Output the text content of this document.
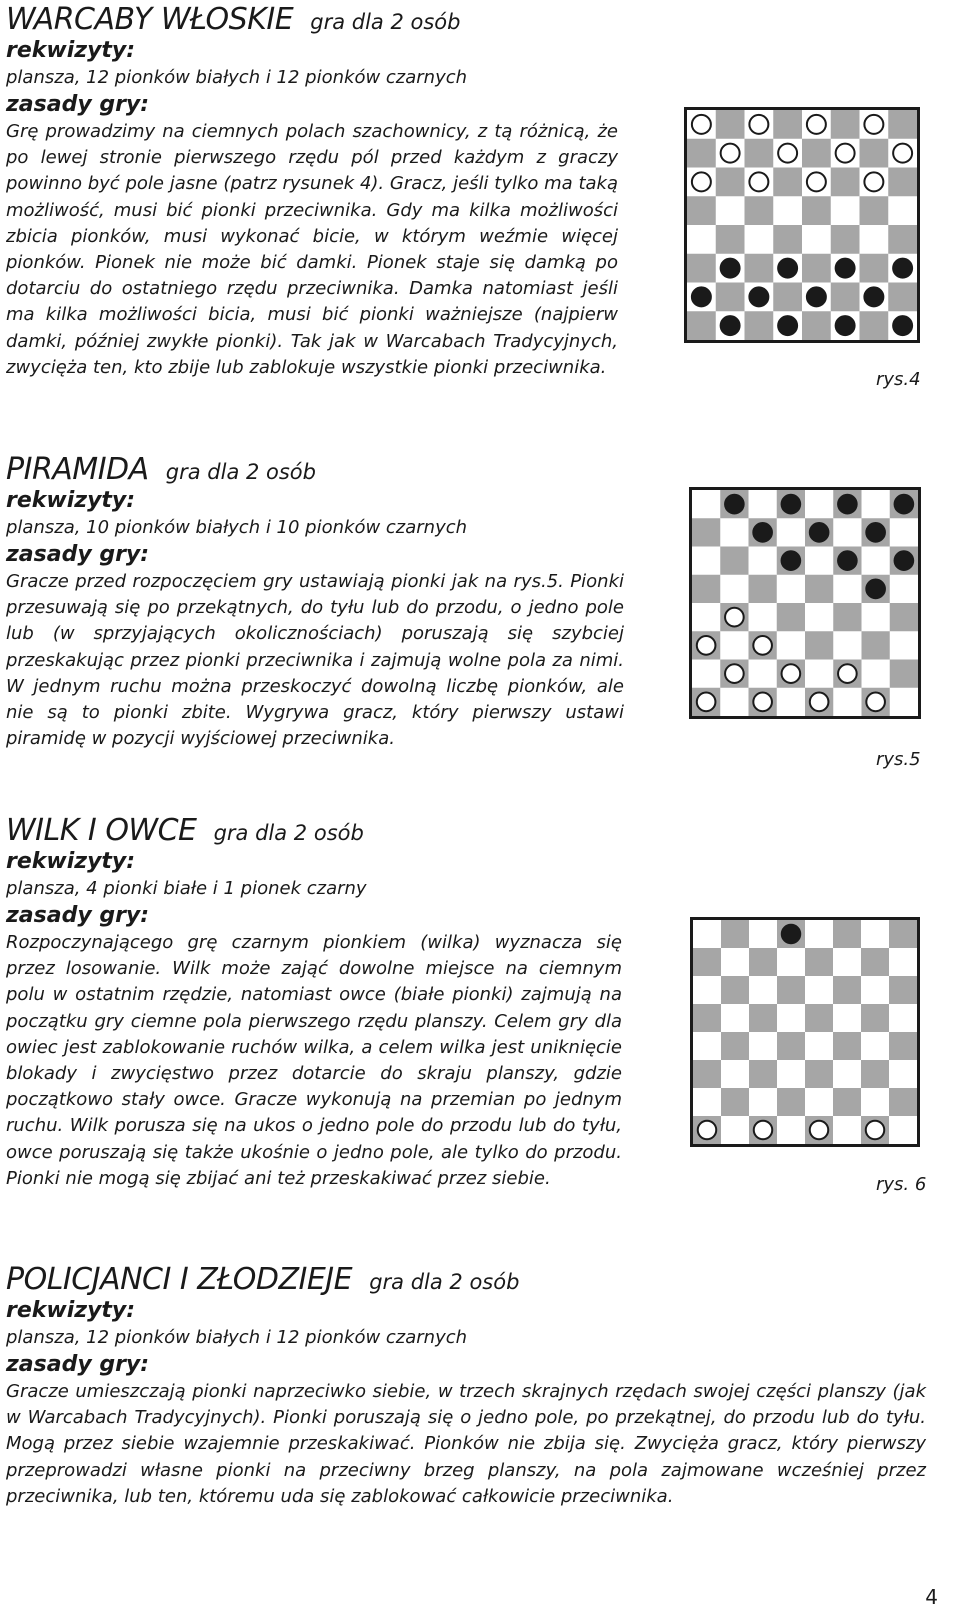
WARCABY WŁOSKIE gra dla 2 osób
rekwizyty:
plansza, 12 pionków białych i 12 pionków czarnych
zasady gry:
Grę prowadzimy na ciemnych polach szachownicy, z tą różnicą, że po lewej stronie pierwszego rzędu pól przed każdym z graczy powinno być pole jasne (patrz rysunek 4). Gracz, jeśli tylko ma taką możliwość, musi bić pionki przeciwnika. Gdy ma kilka możliwości zbicia pionków, musi wykonać bicie, w którym weźmie więcej pionków. Pionek nie może bić damki. Pionek staje się damką po dotarciu do ostatniego rzędu przeciwnika. Damka natomiast jeśli ma kilka możliwości bicia, musi bić pionki ważniejsze (najpierw damki, później zwykłe pionki). Tak jak w Warcabach Tradycyjnych, zwycięża ten, kto zbije lub zablokuje wszystkie pionki przeciwnika.
rys.4
PIRAMIDA gra dla 2 osób
rekwizyty:
plansza, 10 pionków białych i 10 pionków czarnych
zasady gry:
Gracze przed rozpoczęciem gry ustawiają pionki jak na rys.5. Pionki przesuwają się po przekątnych, do tyłu lub do przodu, o jedno pole lub (w sprzyjających okolicznościach) poruszają się szybciej przeskakując przez pionki przeciwnika i zajmują wolne pola za nimi. W jednym ruchu można przeskoczyć dowolną liczbę pionków, ale nie są to pionki zbite. Wygrywa gracz, który pierwszy ustawi piramidę w pozycji wyjściowej przeciwnika.
rys.5
WILK I OWCE gra dla 2 osób
rekwizyty:
plansza, 4 pionki białe i 1 pionek czarny
zasady gry:
Rozpoczynającego grę czarnym pionkiem (wilka) wyznacza się przez losowanie. Wilk może zająć dowolne miejsce na ciemnym polu w ostatnim rzędzie, natomiast owce (białe pionki) zajmują na początku gry ciemne pola pierwszego rzędu planszy. Celem gry dla owiec jest zablokowanie ruchów wilka, a celem wilka jest uniknięcie blokady i zwycięstwo przez dotarcie do skraju planszy, gdzie początkowo stały owce. Gracze wykonują na przemian po jednym ruchu. Wilk porusza się na ukos o jedno pole do przodu lub do tyłu, owce poruszają się także ukośnie o jedno pole, ale tylko do przodu. Pionki nie mogą się zbijać ani też przeskakiwać przez siebie.	rys. 6
POLICJANCI I ZŁODZIEJE gra dla 2 osób
rekwizyty:
plansza, 12 pionków białych i 12 pionków czarnych
zasady gry:
Gracze umieszczają pionki naprzeciwko siebie, w trzech skrajnych rzędach swojej części planszy (jak w Warcabach Tradycyjnych). Pionki poruszają się o jedno pole, po przekątnej, do przodu lub do tyłu. Mogą przez siebie wzajemnie przeskakiwać. Pionków nie zbija się. Zwycięża gracz, który pierwszy przeprowadzi własne pionki na przeciwny brzeg planszy, na pola zajmowane wcześniej przez przeciwnika, lub ten, któremu uda się zablokować całkowicie przeciwnika.
4
